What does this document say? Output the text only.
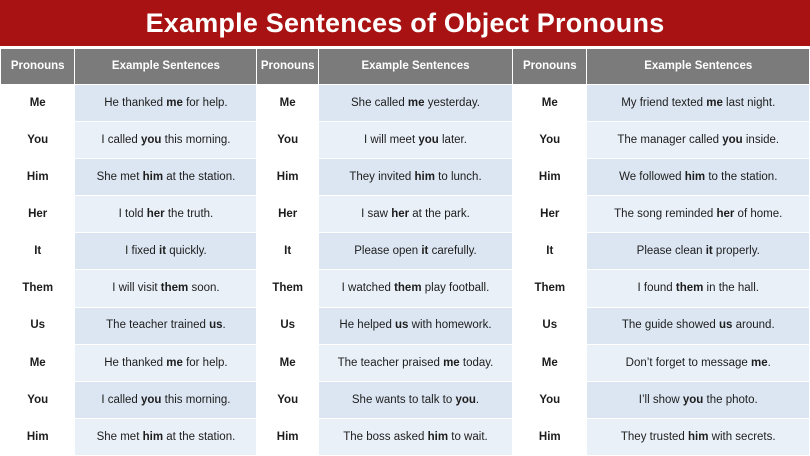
Example Sentences of Object Pronouns
Pronouns	Example Sentences	Pronouns	Example Sentences	Pronouns	Example Sentences
Me	He thanked me for help.	Me	She called me yesterday.	Me	My friend texted me last night.
You	I called you this morning.	You	I will meet you later.	You	The manager called you inside.
Him	She met him at the station.	Him	They invited him to lunch.	Him	We followed him to the station.
Her	I told her the truth.	Her	I saw her at the park.	Her	The song reminded her of home.
It	I fixed it quickly.	It	Please open it carefully.	It	Please clean it properly.
Them	I will visit them soon.	Them	I watched them play football.	Them	I found them in the hall.
Us	The teacher trained us.	Us	He helped us with homework.	Us	The guide showed us around.
Me	He thanked me for help.	Me	The teacher praised me today.	Me	Don’t forget to message me.
You	I called you this morning.	You	She wants to talk to you.	You	I’ll show you the photo.
Him	She met him at the station.	Him	The boss asked him to wait.	Him	They trusted him with secrets.
